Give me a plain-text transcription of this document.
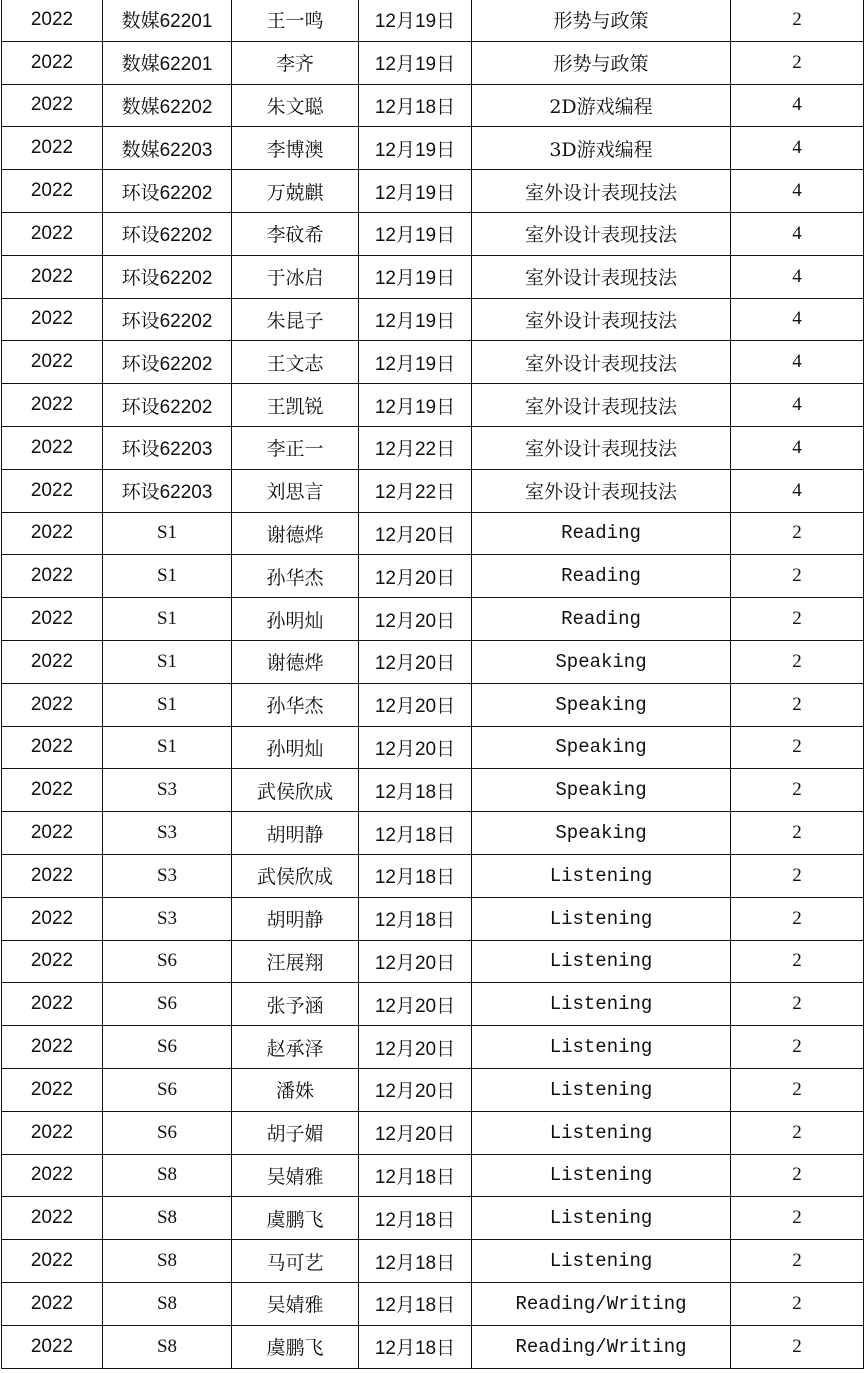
2022	数媒62201	王一鸣	12月19日	形势与政策	2
2022	数媒62201	李齐	12月19日	形势与政策	2
2022	数媒62202	朱文聪	12月18日	2D游戏编程	4
2022	数媒62203	李博澳	12月19日	3D游戏编程	4
2022	环设62202	万兢麒	12月19日	室外设计表现技法	4
2022	环设62202	李砇希	12月19日	室外设计表现技法	4
2022	环设62202	于冰启	12月19日	室外设计表现技法	4
2022	环设62202	朱昆子	12月19日	室外设计表现技法	4
2022	环设62202	王文志	12月19日	室外设计表现技法	4
2022	环设62202	王凯锐	12月19日	室外设计表现技法	4
2022	环设62203	李正一	12月22日	室外设计表现技法	4
2022	环设62203	刘思言	12月22日	室外设计表现技法	4
2022	S1	谢德烨	12月20日	Reading	2
2022	S1	孙华杰	12月20日	Reading	2
2022	S1	孙明灿	12月20日	Reading	2
2022	S1	谢德烨	12月20日	Speaking	2
2022	S1	孙华杰	12月20日	Speaking	2
2022	S1	孙明灿	12月20日	Speaking	2
2022	S3	武侯欣成	12月18日	Speaking	2
2022	S3	胡明静	12月18日	Speaking	2
2022	S3	武侯欣成	12月18日	Listening	2
2022	S3	胡明静	12月18日	Listening	2
2022	S6	汪展翔	12月20日	Listening	2
2022	S6	张予涵	12月20日	Listening	2
2022	S6	赵承泽	12月20日	Listening	2
2022	S6	潘姝	12月20日	Listening	2
2022	S6	胡子媚	12月20日	Listening	2
2022	S8	吴婧雅	12月18日	Listening	2
2022	S8	虞鹏飞	12月18日	Listening	2
2022	S8	马可艺	12月18日	Listening	2
2022	S8	吴婧雅	12月18日	Reading/Writing	2
2022	S8	虞鹏飞	12月18日	Reading/Writing	2
